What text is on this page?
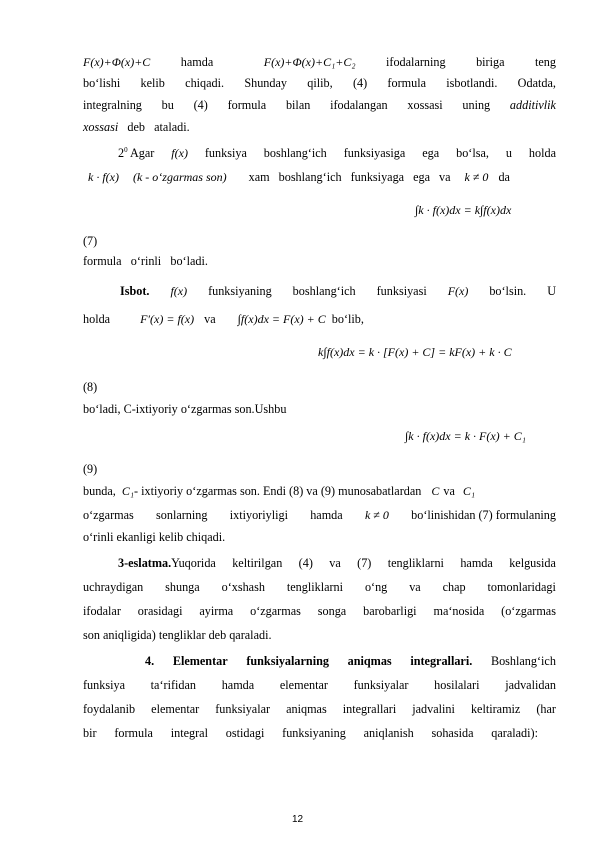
F(x)+Φ(x)+C hamda	F(x)+Φ(x)+C₁+C₂ ifodalarning biriga teng
bo‘lishi kelib chiqadi. Shunday qilib, (4) formula isbotlandi. Odatda,
integralning bu (4) formula bilan ifodalangan xossasi uning additivlik
xossasi deb ataladi.
$2^0$ Agar f(x) funksiya boshlang‘ich funksiyasiga ega bo‘lsa, u holda
k · f(x) (k - o‘zgarmas son) xam boshlang‘ich funksiyaga ega va k ≠ 0 da
∫k · f(x)dx = k∫f(x)dx
(7)
formula o‘rinli bo‘ladi.
Isbot. f(x) funksiyaning boshlang‘ich funksiyasi F(x) bo‘lsin. U
holda	F′(x) = f(x) va ∫f(x)dx = F(x) + C bo‘lib,
k∫f(x)dx = k · [F(x) + C] = kF(x) + k · C
(8)
bo‘ladi, C-ixtiyoriy o‘zgarmas son.Ushbu
∫k · f(x)dx = k · F(x) + C₁
(9)
bunda, C₁ - ixtiyoriy o‘zgarmas son. Endi (8) va (9) munosabatlardan C va C₁
o‘zgarmas sonlarning ixtiyoriyligi hamda k ≠ 0 bo‘linishidan (7) formulaning
o‘rinli ekanligi kelib chiqadi.
3-eslatma.Yuqorida keltirilgan (4) va (7) tengliklarni hamda kelgusida
uchraydigan shunga o‘xshash tengliklarni o‘ng va chap tomonlaridagi
ifodalar orasidagi ayirma o‘zgarmas songa barobarligi ma‘nosida (o‘zgarmas
son aniqligida) tengliklar deb qaraladi.
4. Elementar funksiyalarning aniqmas integrallari. Boshlang‘ich
funksiya ta‘rifidan hamda elementar funksiyalar hosilalari jadvalidan
foydalanib elementar funksiyalar aniqmas integrallari jadvalini keltiramiz (har
bir formula integral ostidagi funksiyaning aniqlanish sohasida qaraladi):
12
